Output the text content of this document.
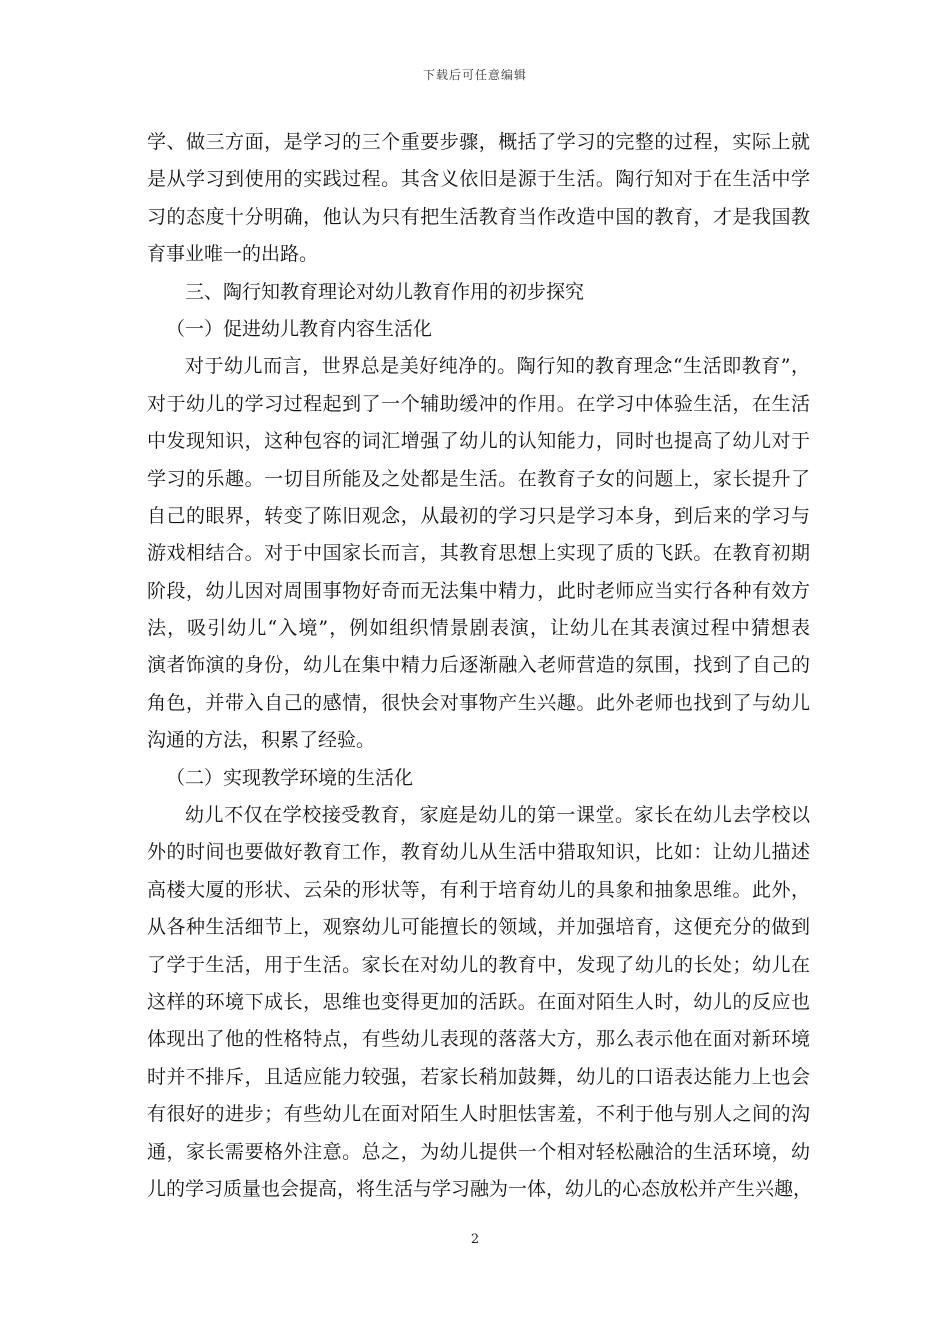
下载后可任意编辑
学、做三方面，是学习的三个重要步骤，概括了学习的完整的过程，实际上就
是从学习到使用的实践过程。其含义依旧是源于生活。陶行知对于在生活中学
习的态度十分明确，他认为只有把生活教育当作改造中国的教育，才是我国教
育事业唯一的出路。
三、陶行知教育理论对幼儿教育作用的初步探究
（一）促进幼儿教育内容生活化
对于幼儿而言，世界总是美好纯净的。陶行知的教育理念“生活即教育”，
对于幼儿的学习过程起到了一个辅助缓冲的作用。在学习中体验生活，在生活
中发现知识，这种包容的词汇增强了幼儿的认知能力，同时也提高了幼儿对于
学习的乐趣。一切目所能及之处都是生活。在教育子女的问题上，家长提升了
自己的眼界，转变了陈旧观念，从最初的学习只是学习本身，到后来的学习与
游戏相结合。对于中国家长而言，其教育思想上实现了质的飞跃。在教育初期
阶段，幼儿因对周围事物好奇而无法集中精力，此时老师应当实行各种有效方
法，吸引幼儿“入境”，例如组织情景剧表演，让幼儿在其表演过程中猜想表
演者饰演的身份，幼儿在集中精力后逐渐融入老师营造的氛围，找到了自己的
角色，并带入自己的感情，很快会对事物产生兴趣。此外老师也找到了与幼儿
沟通的方法，积累了经验。
（二）实现教学环境的生活化
幼儿不仅在学校接受教育，家庭是幼儿的第一课堂。家长在幼儿去学校以
外的时间也要做好教育工作，教育幼儿从生活中猎取知识，比如：让幼儿描述
高楼大厦的形状、云朵的形状等，有利于培育幼儿的具象和抽象思维。此外，
从各种生活细节上，观察幼儿可能擅长的领域，并加强培育，这便充分的做到
了学于生活，用于生活。家长在对幼儿的教育中，发现了幼儿的长处；幼儿在
这样的环境下成长，思维也变得更加的活跃。在面对陌生人时，幼儿的反应也
体现出了他的性格特点，有些幼儿表现的落落大方，那么表示他在面对新环境
时并不排斥，且适应能力较强，若家长稍加鼓舞，幼儿的口语表达能力上也会
有很好的进步；有些幼儿在面对陌生人时胆怯害羞，不利于他与别人之间的沟
通，家长需要格外注意。总之，为幼儿提供一个相对轻松融洽的生活环境，幼
儿的学习质量也会提高，将生活与学习融为一体，幼儿的心态放松并产生兴趣，
2
